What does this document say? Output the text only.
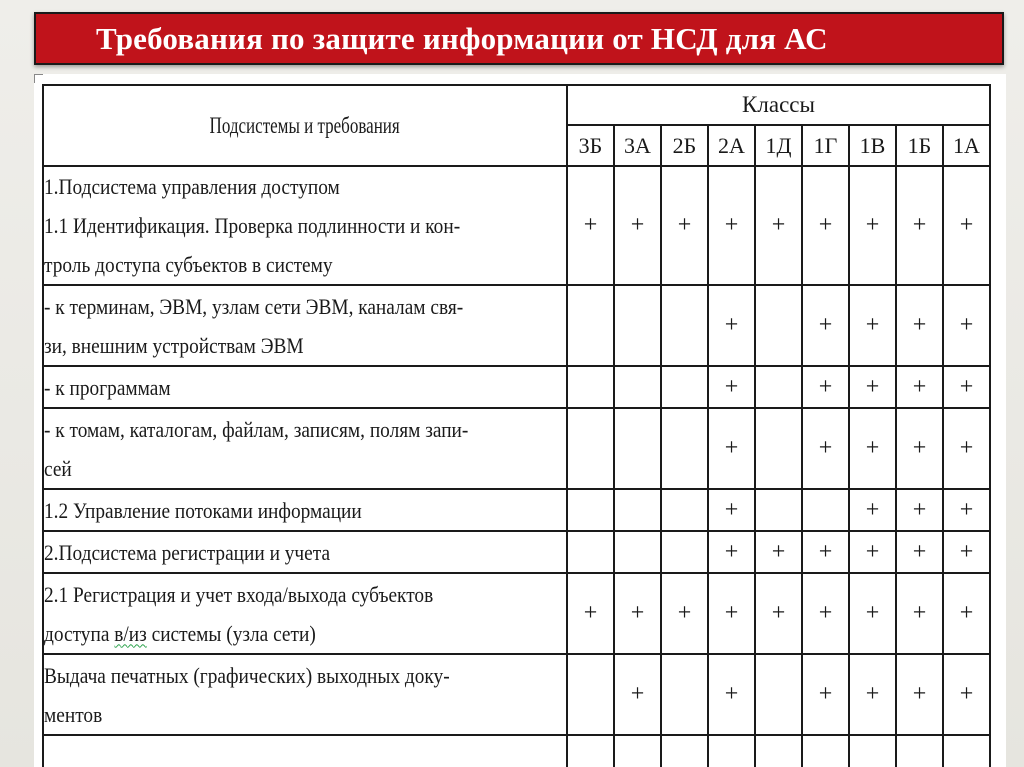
Требования по защите информации от НСД для АС
Подсистемы и требования	Классы								
	3Б	3А	2Б	2А	1Д	1Г	1В	1Б	1А

1.Подсистема управления доступом
1.1 Идентификация. Проверка подлинности и кон-
троль доступа субъектов в систему	+	+	+	+	+	+	+	+	+

- к терминам, ЭВМ, узлам сети ЭВМ, каналам свя-
зи, внешним устройствам ЭВМ				+		+	+	+	+

- к программам				+		+	+	+	+

- к томам, каталогам, файлам, записям, полям запи-
сей				+		+	+	+	+

1.2 Управление потоками информации				+			+	+	+

2.Подсистема регистрации и учета				+	+	+	+	+	+

2.1 Регистрация и учет входа/выхода субъектов
доступа в/из системы (узла сети)	+	+	+	+	+	+	+	+	+

Выдача печатных (графических) выходных доку-
ментов		+		+		+	+	+	+
